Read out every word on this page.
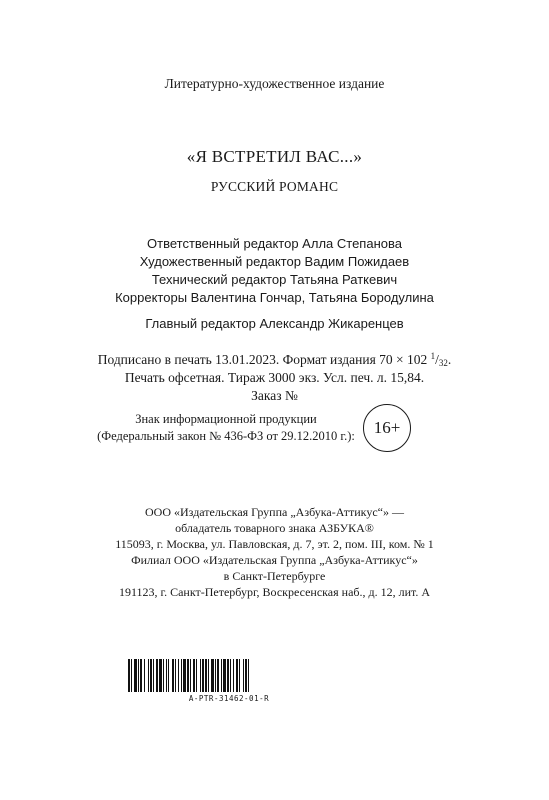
Литературно-художественное издание
«Я ВСТРЕТИЛ ВАС...»
РУССКИЙ РОМАНС
Ответственный редактор Алла Степанова
Художественный редактор Вадим Пожидаев
Технический редактор Татьяна Раткевич
Корректоры Валентина Гончар, Татьяна Бородулина
Главный редактор Александр Жикаренцев
Подписано в печать 13.01.2023. Формат издания 70 × 102 $^1$/32.
Печать офсетная. Тираж 3000 экз. Усл. печ. л. 15,84.
Заказ №
Знак информационной продукции
(Федеральный закон № 436-ФЗ от 29.12.2010 г.): 16+
ООО «Издательская Группа „Азбука-Аттикус“» —
обладатель товарного знака АЗБУКА®
115093, г. Москва, ул. Павловская, д. 7, эт. 2, пом. III, ком. № 1
Филиал ООО «Издательская Группа „Азбука-Аттикус“»
в Санкт-Петербурге
191123, г. Санкт-Петербург, Воскресенская наб., д. 12, лит. А
A-PTR-31462-01-R
